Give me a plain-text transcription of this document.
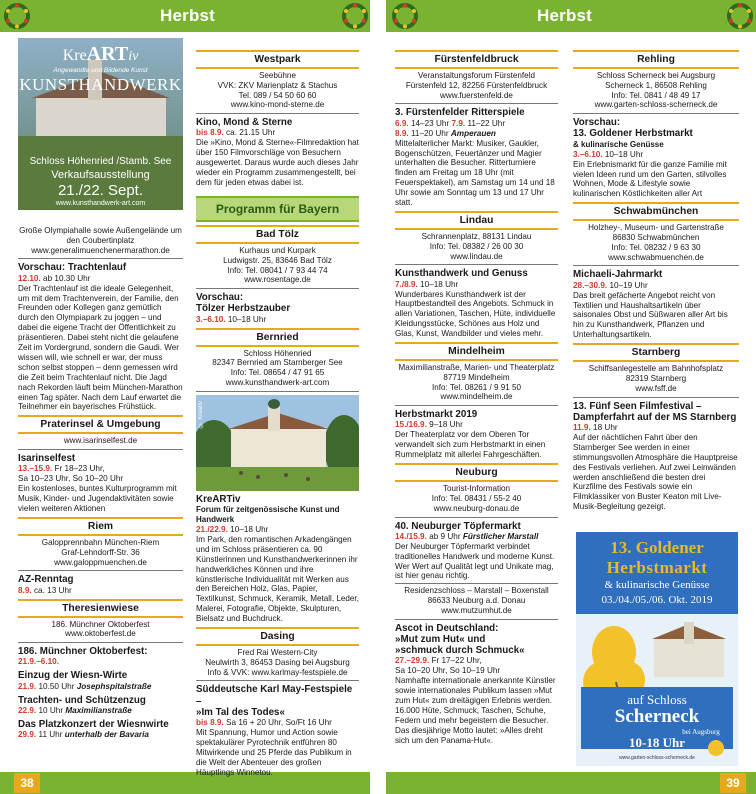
Herbst	Herbst
38	39
KreARTiv
Angewandte und Bildende Kunst
KUNSTHANDWERK
Schloss Höhenried /Stamb. See
Verkaufsausstellung
21./22. Sept.
www.kunsthandwerk-art.com
Große Olympiahalle sowie Außengelände um den Coubertinplatz
www.generalimuenchenermarathon.de
Vorschau: Trachtenlauf
12.10. ab 10.30 Uhr
Der Trachtenlauf ist die ideale Gelegenheit, um mit dem Trachtenverein, der Familie, den Freunden oder Kollegen ganz gemütlich durch den Olympiapark zu joggen – und dabei die eigene Tracht der Öffentlichkeit zu präsentieren. Dabei steht nicht die gelaufene Zeit im Vordergrund, sondern die Gaudi. Wer wissen will, wie schnell er war, der muss schon selbst stoppen – denn gemessen wird die Zeit beim Trachtenlauf nicht. Die Jagd nach Rekorden läuft beim München-Marathon einen Tag später. Nach dem Lauf erwartet die Teilnehmer ein bayerisches Frühstück.
Praterinsel & Umgebung
www.isarinselfest.de
Isarinselfest
13.–15.9. Fr 18–23 Uhr,
Sa 10–23 Uhr, So 10–20 Uhr
Ein kostenloses, buntes Kulturprogramm mit Musik, Kinder- und Jugendaktivitäten sowie vielen weiteren Aktionen
Riem
Galopprennbahn München-Riem
Graf-Lehndorff-Str. 36
www.galoppmuenchen.de
AZ-Renntag
8.9. ca. 13 Uhr
Theresienwiese
186. Münchner Oktoberfest
www.oktoberfest.de
186. Münchner Oktoberfest:
21.9.–6.10.
Einzug der Wiesn-Wirte
21.9. 10.50 Uhr Josephspitalstraße
Trachten- und Schützenzug
22.9. 10 Uhr Maximilianstraße
Das Platzkonzert der Wiesnwirte
29.9. 11 Uhr unterhalb der Bavaria
Westpark
Seebühne
VVK: ZKV Marienplatz & Stachus
Tel. 089 / 54 50 60 60
www.kino-mond-sterne.de
Kino, Mond & Sterne
bis 8.9. ca. 21.15 Uhr
Die »Kino, Mond & Sterne«-Filmredaktion hat über 150 Filmvorschläge von Besuchern ausgewertet. Daraus wurde auch dieses Jahr wieder ein Programm zusammengestellt, bei dem für jeden etwas dabei ist.
Programm für Bayern
Bad Tölz
Kurhaus und Kurpark
Ludwigstr. 25, 83646 Bad Tölz
Info: Tel. 08041 / 7 93 44 74
www.rosentage.de
Vorschau:
Tölzer Herbstzauber
3.–6.10. 10–18 Uhr
Bernried
Schloss Höhenried
82347 Bernried am Starnberger See
Info: Tel. 08654 / 47 91 65
www.kunsthandwerk-art.com
© Kreativ
KreARTiv
Forum für zeitgenössische Kunst und Handwerk
21./22.9. 10–18 Uhr
Im Park, den romantischen Arkadengängen und im Schloss präsentieren ca. 90 Künstlerinnen und Kunsthandwerkerinnen ihr handwerkliches Können und ihre künstlerische Individualität mit Werken aus den Bereichen Holz, Glas, Papier, Textilkunst, Schmuck, Keramik, Metall, Leder, Malerei, Fotografie, Objekte, Skulpturen, Bielsatz und Buchdruck.
Dasing
Fred Rai Western-City
Neulwirth 3, 86453 Dasing bei Augsburg
Info & VVK: www.karlmay-festspiele.de
Süddeutsche Karl May-Festspiele –
»Im Tal des Todes«
bis 8.9. Sa 16 + 20 Uhr, So/Ft 16 Uhr
Mit Spannung, Humor und Action sowie spektakulärer Pyrotechnik entführen 80 Mitwirkende und 25 Pferde das Publikum in die Welt der Abenteuer des großen Häuptlings Winnetou.
Fürstenfeldbruck
Veranstaltungsforum Fürstenfeld
Fürstenfeld 12, 82256 Fürstenfeldbruck
www.fuerstenfeld.de
3. Fürstenfelder Ritterspiele
6.9. 14–23 Uhr 7.9. 11–22 Uhr
8.9. 11–20 Uhr Amperauen
Mittelalterlicher Markt: Musiker, Gaukler, Bogenschützen, Feuertänzer und Magier unterhalten die Besucher. Ritterturniere finden am Freitag um 18 Uhr (mit Feuerspektakel), am Samstag um 14 und 18 Uhr sowie am Sonntag um 13 und 17 Uhr statt.
Lindau
Schrannenplatz, 88131 Lindau
Info: Tel. 08382 / 26 00 30
www.lindau.de
Kunsthandwerk und Genuss
7./8.9. 10–18 Uhr
Wunderbares Kunsthandwerk ist der Hauptbestandteil des Angebots. Schmuck in allen Variationen, Taschen, Hüte, individuelle Kleidungsstücke, Schönes aus Holz und Glas, Kunst, Wandbilder und vieles mehr.
Mindelheim
Maximilianstraße, Marien- und Theaterplatz
87719 Mindelheim
Info: Tel. 08261 / 9 91 50
www.mindelheim.de
Herbstmarkt 2019
15./16.9. 9–18 Uhr
Der Theaterplatz vor dem Oberen Tor verwandelt sich zum Herbstmarkt in einen Rummelplatz mit allerlei Fahrgeschäften.
Neuburg
Tourist-Information
Info: Tel. 08431 / 55-2 40
www.neuburg-donau.de
40. Neuburger Töpfermarkt
14./15.9. ab 9 Uhr Fürstlicher Marstall
Der Neuburger Töpfermarkt verbindet traditionelles Handwerk und moderne Kunst. Wer Wert auf Qualität legt und Unikate mag, ist hier genau richtig.
Residenzschloss – Marstall – Boxenstall
86633 Neuburg a.d. Donau
www.mutzumhut.de
Ascot in Deutschland:
»Mut zum Hut« und
»schmuck durch Schmuck«
27.–29.9. Fr 17–22 Uhr,
Sa 10–20 Uhr, So 10–19 Uhr
Namhafte internationale anerkannte Künstler sowie internationales Publikum lassen »Mut zum Hut« zum dreitägigen Erlebnis werden. 16.000 Hüte, Schmuck, Taschen, Schuhe, Federn und mehr begeistern die Besucher. Das diesjährige Motto lautet: »Alles dreht sich um den Panama-Hut«.
Rehling
Schloss Scherneck bei Augsburg
Scherneck 1, 86508 Rehling
Info: Tel. 0841 / 48 49 17
www.garten-schloss-scherneck.de
Vorschau:
13. Goldener Herbstmarkt
& kulinarische Genüsse
3.–6.10. 10–18 Uhr
Ein Erlebnismarkt für die ganze Familie mit vielen Ideen rund um den Garten, stilvolles Wohnen, Mode & Lifestyle sowie kulinarischen Köstlichkeiten aller Art
Schwabmünchen
Holzhey-, Museum- und Gartenstraße
86830 Schwabmünchen
Info: Tel. 08232 / 9 63 30
www.schwabmuenchen.de
Michaeli-Jahrmarkt
28.–30.9. 10–19 Uhr
Das breit gefächerte Angebot reicht von Textilien und Haushaltsartikeln über saisonales Obst und Süßwaren aller Art bis hin zu Kunsthandwerk, Pflanzen und Unterhaltungsartikeln.
Starnberg
Schiffsanlegestelle am Bahnhofsplatz
82319 Starnberg
www.fsff.de
13. Fünf Seen Filmfestival –
Dampferfahrt auf der MS Starnberg
11.9. 18 Uhr
Auf der nächtlichen Fahrt über den Starnberger See werden in einer stimmungsvollen Atmosphäre die Hauptpreise des Festivals verliehen. Auf zwei Leinwänden werden anschließend die besten drei Kurzfilme des Festivals sowie ein Filmklassiker von Buster Keaton mit Live-Musik-Begleitung gezeigt.
13. Goldener
Herbstmarkt
& kulinarische Genüsse
03./04./05./06. Okt. 2019
auf Schloss
Scherneck
bei Augsburg
10-18 Uhr
www.garten-schloss-scherneck.de
